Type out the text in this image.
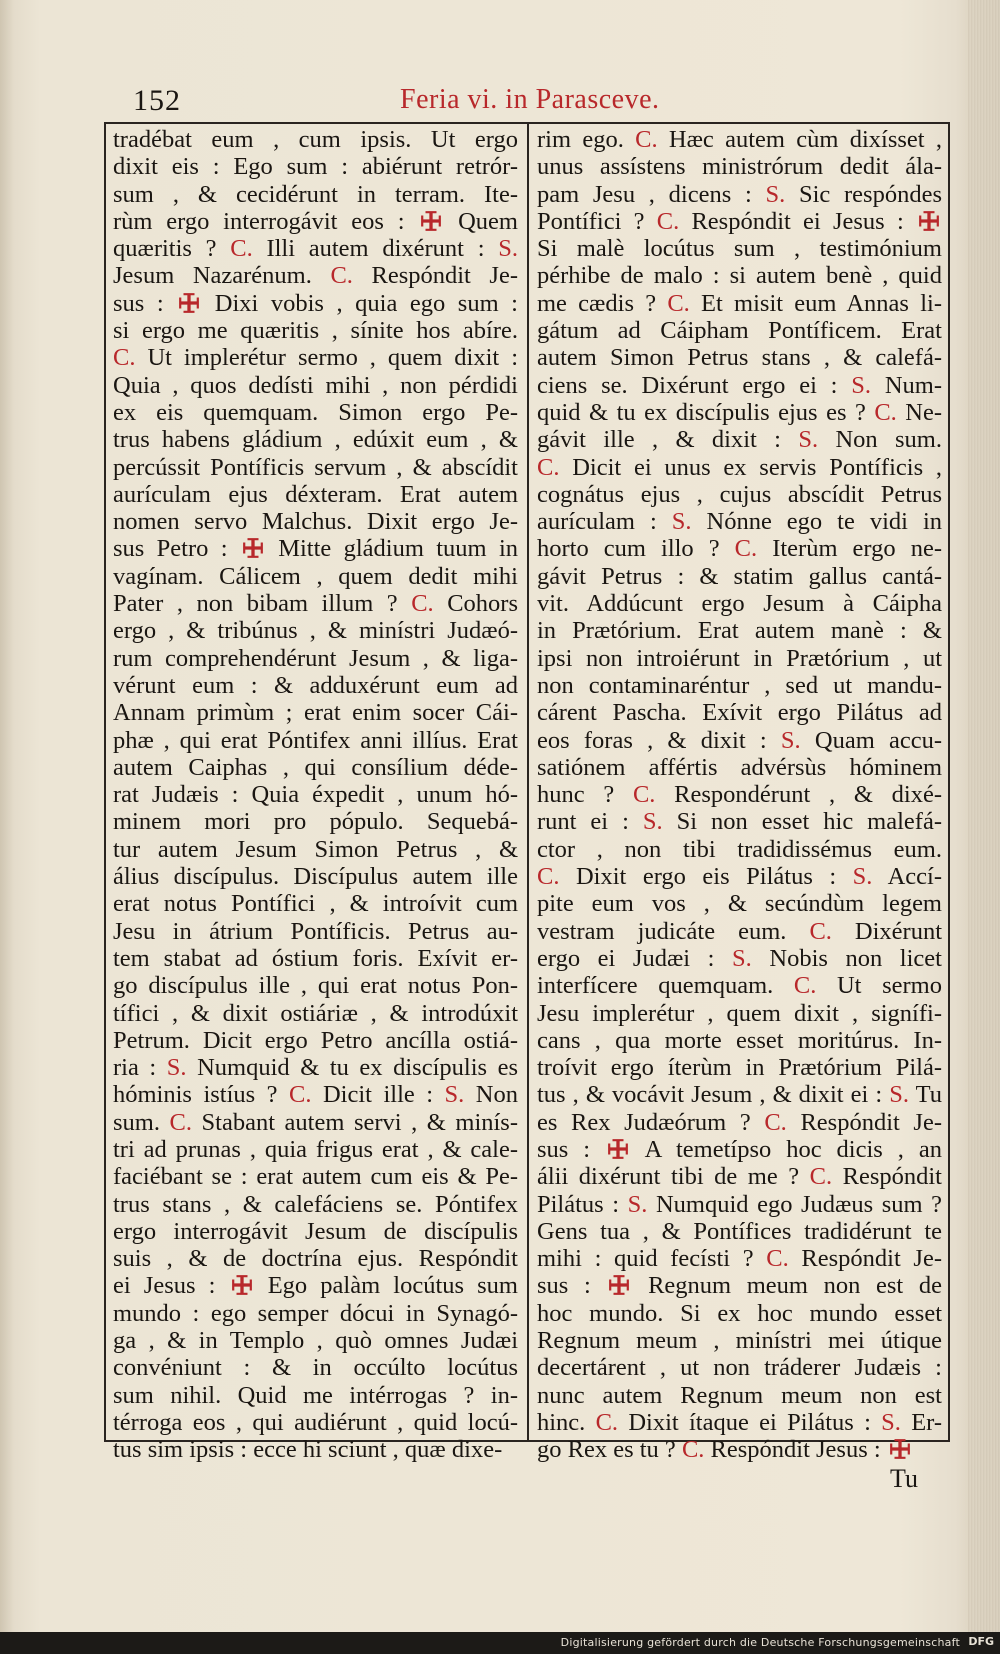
152	Feria vi. in Parasceve.
tradébat eum , cum ipsis. Ut ergo
dixit eis : Ego sum : abiérunt retrór-
sum , & cecidérunt in terram. Ite-
rùm ergo interrogávit eos :  Quem
quæritis ? C. Illi autem dixérunt : S.
Jesum Nazarénum. C. Respóndit Je-
sus :  Dixi vobis , quia ego sum :
si ergo me quæritis , sínite hos abíre.
C. Ut implerétur sermo , quem dixit :
Quia , quos dedísti mihi , non pérdidi
ex eis quemquam. Simon ergo Pe-
trus habens gládium , edúxit eum , &
percússit Pontíficis servum , & abscídit
aurículam ejus déxteram. Erat autem
nomen servo Malchus. Dixit ergo Je-
sus Petro :  Mitte gládium tuum in
vagínam. Cálicem , quem dedit mihi
Pater , non bibam illum ? C. Cohors
ergo , & tribúnus , & minístri Judæó-
rum comprehendérunt Jesum , & liga-
vérunt eum : & adduxérunt eum ad
Annam primùm ; erat enim socer Cái-
phæ , qui erat Póntifex anni illíus. Erat
autem Caiphas , qui consílium déde-
rat Judæis : Quia éxpedit , unum hó-
minem mori pro pópulo. Sequebá-
tur autem Jesum Simon Petrus , &
álius discípulus. Discípulus autem ille
erat notus Pontífici , & introívit cum
Jesu in átrium Pontíficis. Petrus au-
tem stabat ad óstium foris. Exívit er-
go discípulus ille , qui erat notus Pon-
tífici , & dixit ostiáriæ , & introdúxit
Petrum. Dicit ergo Petro ancílla ostiá-
ria : S. Numquid & tu ex discípulis es
hóminis istíus ? C. Dicit ille : S. Non
sum. C. Stabant autem servi , & minís-
tri ad prunas , quia frigus erat , & cale-
faciébant se : erat autem cum eis & Pe-
trus stans , & calefáciens se. Póntifex
ergo interrogávit Jesum de discípulis
suis , & de doctrína ejus. Respóndit
ei Jesus :  Ego palàm locútus sum
mundo : ego semper dócui in Synagó-
ga , & in Templo , quò omnes Judæi
convéniunt : & in occúlto locútus
sum nihil. Quid me intérrogas ? in-
térroga eos , qui audiérunt , quid locú-
tus sim ipsis : ecce hi sciunt , quæ dixe-
rim ego. C. Hæc autem cùm dixísset ,
unus assístens ministrórum dedit ála-
pam Jesu , dicens : S. Sic respóndes
Pontífici ? C. Respóndit ei Jesus :
Si malè locútus sum , testimónium
pérhibe de malo : si autem benè , quid
me cædis ? C. Et misit eum Annas li-
gátum ad Cáipham Pontíficem. Erat
autem Simon Petrus stans , & calefá-
ciens se. Dixérunt ergo ei : S. Num-
quid & tu ex discípulis ejus es ? C. Ne-
gávit ille , & dixit : S. Non sum.
C. Dicit ei unus ex servis Pontíficis ,
cognátus ejus , cujus abscídit Petrus
aurículam : S. Nónne ego te vidi in
horto cum illo ? C. Iterùm ergo ne-
gávit Petrus : & statim gallus cantá-
vit. Addúcunt ergo Jesum à Cáipha
in Prætórium. Erat autem manè : &
ipsi non introiérunt in Prætórium , ut
non contaminaréntur , sed ut mandu-
cárent Pascha. Exívit ergo Pilátus ad
eos foras , & dixit : S. Quam accu-
satiónem affértis advérsùs hóminem
hunc ? C. Respondérunt , & dixé-
runt ei : S. Si non esset hic malefá-
ctor , non tibi tradidissémus eum.
C. Dixit ergo eis Pilátus : S. Accí-
pite eum vos , & secúndùm legem
vestram judicáte eum. C. Dixérunt
ergo ei Judæi : S. Nobis non licet
interfícere quemquam. C. Ut sermo
Jesu implerétur , quem dixit , signífi-
cans , qua morte esset moritúrus. In-
troívit ergo íterùm in Prætórium Pilá-
tus , & vocávit Jesum , & dixit ei : S. Tu
es Rex Judæórum ? C. Respóndit Je-
sus :  A temetípso hoc dicis , an
álii dixérunt tibi de me ? C. Respóndit
Pilátus : S. Numquid ego Judæus sum ?
Gens tua , & Pontífices tradidérunt te
mihi : quid fecísti ? C. Respóndit Je-
sus :  Regnum meum non est de
hoc mundo. Si ex hoc mundo esset
Regnum meum , minístri mei útique
decertárent , ut non tráderer Judæis :
nunc autem Regnum meum non est
hinc. C. Dixit ítaque ei Pilátus : S. Er-
go Rex es tu ? C. Respóndit Jesus :
Tu
Digitalisierung gefördert durch die Deutsche Forschungsgemeinschaft DFG
